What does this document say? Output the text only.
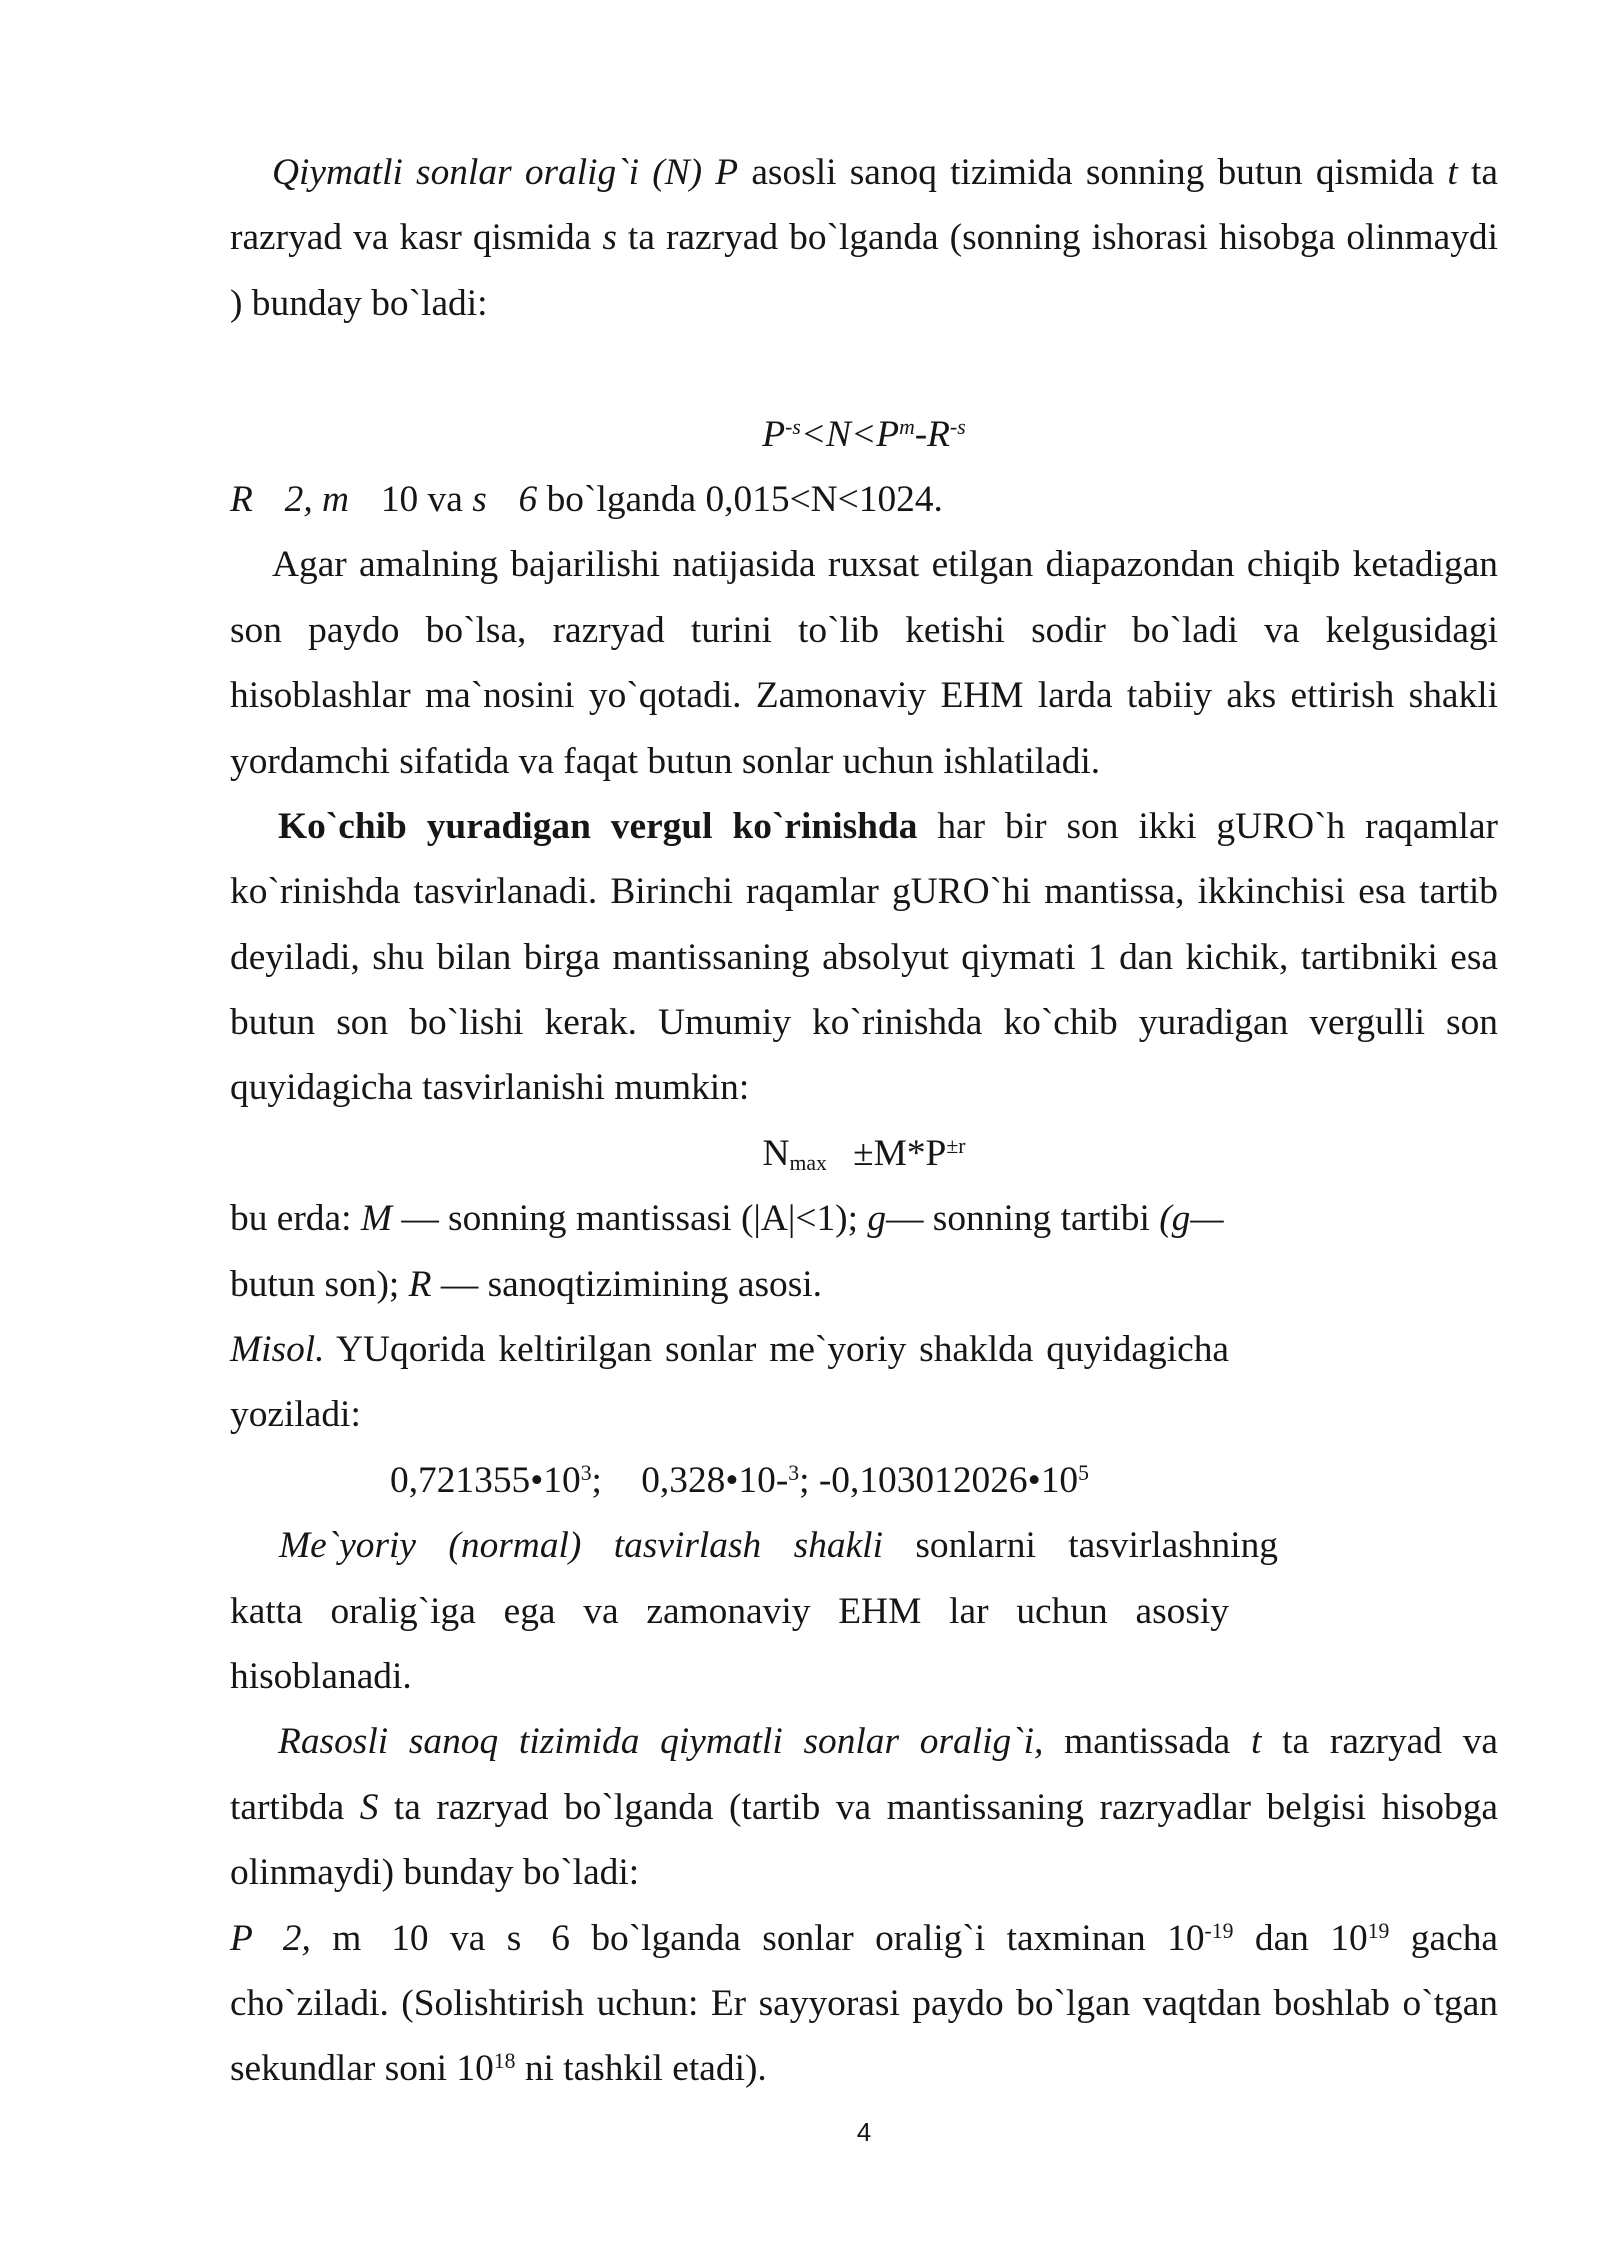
Qiymatli sonlar oralig`i (N) P asosli sanoq tizimida sonning butun qismida t ta
razryad va kasr qismida s ta razryad bo`lganda (sonning ishorasi hisobga olinmaydi
) bunday bo`ladi:
$P^{-s}<N<P^m-R^{-s}$
R 2, m 10 va s 6 bo`lganda 0,015<N<1024.
Agar amalning bajarilishi natijasida ruxsat etilgan diapazondan chiqib ketadigan
son paydo bo`lsa, razryad turini to`lib ketishi sodir bo`ladi va kelgusidagi
hisoblashlar ma`nosini yo`qotadi. Zamonaviy EHM larda tabiiy aks ettirish shakli
yordamchi sifatida va faqat butun sonlar uchun ishlatiladi.
Ko`chib yuradigan vergul ko`rinishda har bir son ikki gURO`h raqamlar
ko`rinishda tasvirlanadi. Birinchi raqamlar gURO`hi mantissa, ikkinchisi esa tartib
deyiladi, shu bilan birga mantissaning absolyut qiymati 1 dan kichik, tartibniki esa
butun son bo`lishi kerak. Umumiy ko`rinishda ko`chib yuradigan vergulli son
quyidagicha tasvirlanishi mumkin:
$Nmax \pm M*P^{\pm r}$
bu erda: M — sonning mantissasi (|A|<1); g— sonning tartibi (g—
butun son); R — sanoqtizimining asosi.
Misol. YUqorida keltirilgan sonlar me`yoriy shaklda quyidagicha
yoziladi:
$0,721355•10^3$; 0,328•10-$^3$; $-0,103012026•10^5$
Me`yoriy (normal) tasvirlash shakli sonlarni tasvirlashning
katta oralig`iga ega va zamonaviy EHM lar uchun asosiy
hisoblanadi.
Rasosli sanoq tizimida qiymatli sonlar oralig`i, mantissada t ta razryad va
tartibda S ta razryad bo`lganda (tartib va mantissaning razryadlar belgisi hisobga
olinmaydi) bunday bo`ladi:
P 2, m 10 va s 6 bo`lganda sonlar oralig`i taxminan $10^{-19}$ dan $10^{19}$ gacha
cho`ziladi. (Solishtirish uchun: Er sayyorasi paydo bo`lgan vaqtdan boshlab o`tgan
sekundlar soni $10^{18}$ ni tashkil etadi).
4
